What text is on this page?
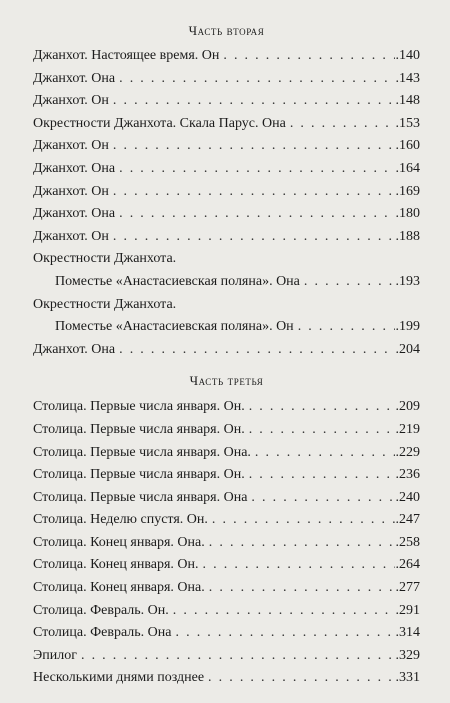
Часть вторая
Джанхот. Настоящее время. Он . . .	.140
Джанхот. Она . . .	.143
Джанхот. Он . . .	.148
Окрестности Джанхота. Скала Парус. Она . . .	.153
Джанхот. Он . . .	.160
Джанхот. Она . . .	.164
Джанхот. Он . . .	.169
Джанхот. Она . . .	.180
Джанхот. Он . . .	.188
Окрестности Джанхота.
Поместье «Анастасиевская поляна». Она . . .	.193
Окрестности Джанхота.
Поместье «Анастасиевская поляна». Он . . .	.199
Джанхот. Она . . .	.204
Часть третья
Столица. Первые числа января. Он. . . .	.209
Столица. Первые числа января. Он. . . .	.219
Столица. Первые числа января. Она. . . .	.229
Столица. Первые числа января. Он. . . .	.236
Столица. Первые числа января. Она . . .	.240
Столица. Неделю спустя. Он. . . .	.247
Столица. Конец января. Она. . . .	.258
Столица. Конец января. Он. . . .	.264
Столица. Конец января. Она. . . .	.277
Столица. Февраль. Он. . . .	.291
Столица. Февраль. Она . . .	.314
Эпилог . . .	.329
Несколькими днями позднее . . .	.331
